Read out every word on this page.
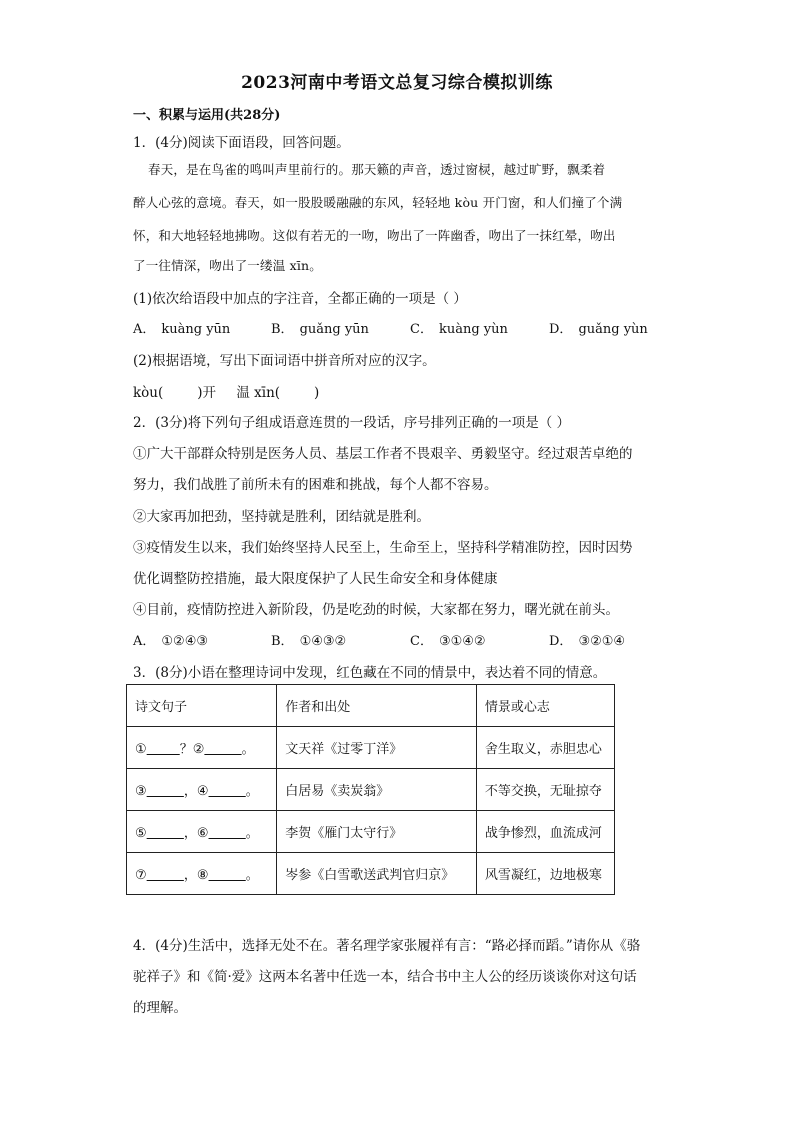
2023河南中考语文总复习综合模拟训练
一、积累与运用(共28分)
1．(4分)阅读下面语段，回答问题。
春天，是在鸟雀的鸣叫声里前行的。那天籁的声音，透过窗棂，越过旷野，飘柔着
醉人心弦的意境。春天，如一股股暖融融的东风，轻轻地 kòu 开门窗，和人们撞了个满
怀，和大地轻轻地拂吻。这似有若无的一吻，吻出了一阵幽香，吻出了一抹红晕，吻出
了一往情深，吻出了一缕温 xīn。
(1)依次给语段中加点的字注音，全都正确的一项是（ ）
A． kuàng yūn	B． guǎng yūn	C． kuàng yùn	D． guǎng yùn
(2)根据语境，写出下面词语中拼音所对应的汉字。
kòu(	)开 温 xīn(	)
2．(3分)将下列句子组成语意连贯的一段话，序号排列正确的一项是（ ）
①广大干部群众特别是医务人员、基层工作者不畏艰辛、勇毅坚守。经过艰苦卓绝的
努力，我们战胜了前所未有的困难和挑战，每个人都不容易。
②大家再加把劲，坚持就是胜利，团结就是胜利。
③疫情发生以来，我们始终坚持人民至上，生命至上，坚持科学精准防控，因时因势
优化调整防控措施，最大限度保护了人民生命安全和身体健康
④目前，疫情防控进入新阶段，仍是吃劲的时候，大家都在努力，曙光就在前头。
A． ①②④③	B． ①④③②	C． ③①④②	D． ③②①④
3．(8分)小语在整理诗词中发现，红色藏在不同的情景中，表达着不同的情意。
诗文句子	作者和出处	情景或心志
① ？② 。	文天祥《过零丁洋》	舍生取义，赤胆忠心
③ ，④ 。	白居易《卖炭翁》	不等交换，无耻掠夺
⑤ ，⑥ 。	李贺《雁门太守行》	战争惨烈，血流成河
⑦ ，⑧ 。	岑参《白雪歌送武判官归京》	风雪凝红，边地极寒
4．(4分)生活中，选择无处不在。著名理学家张履祥有言：“路必择而蹈。”请你从《骆
驼祥子》和《简·爱》这两本名著中任选一本，结合书中主人公的经历谈谈你对这句话
的理解。
